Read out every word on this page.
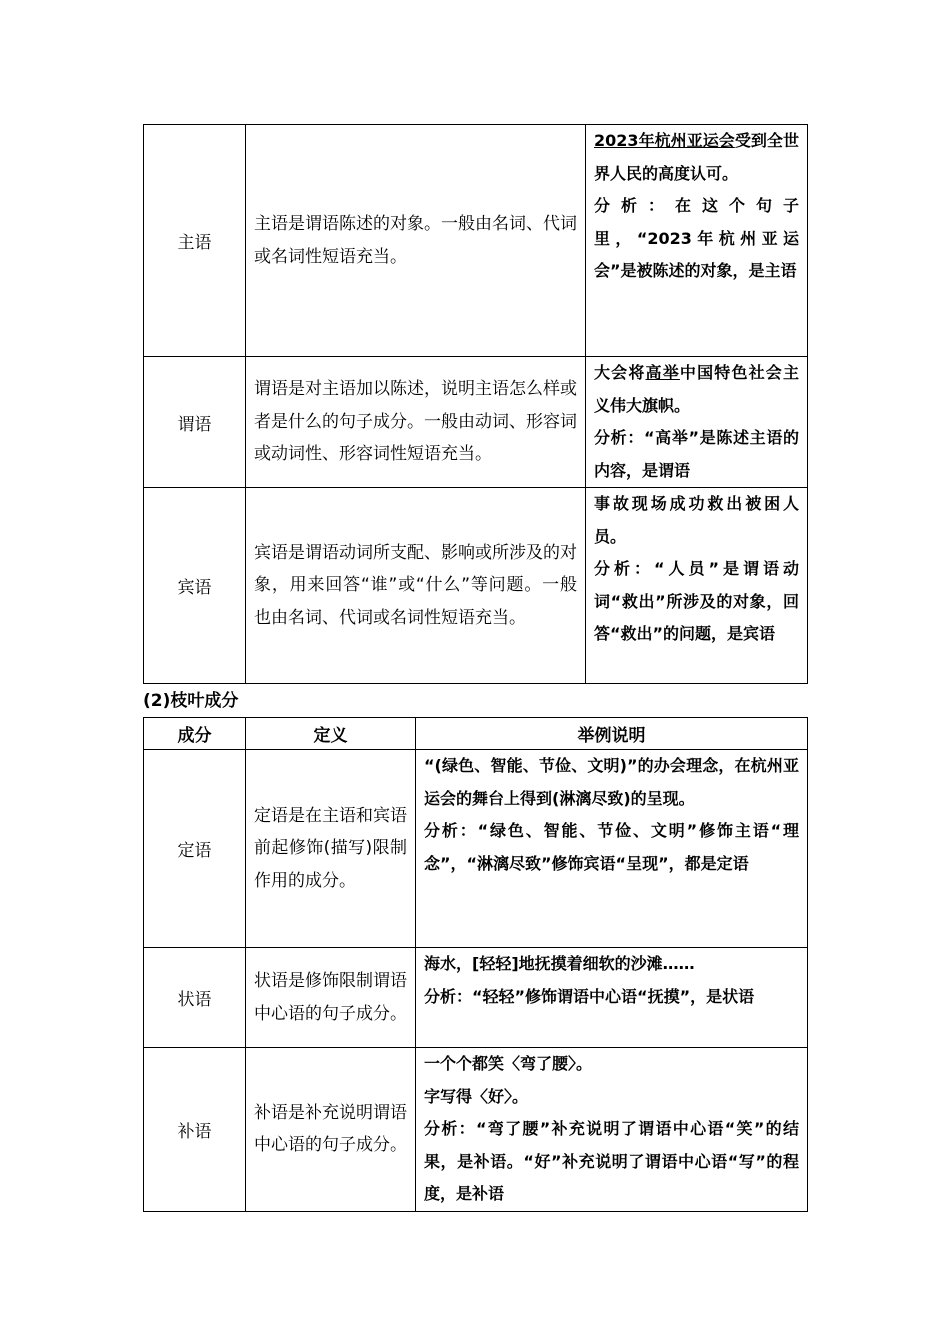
主语	主语是谓语陈述的对象。一般由名词、代词或名词性短语充当。	2023年杭州亚运会受到全世界人民的高度认可。
分析：在这个句子里，“2023年杭州亚运会”是被陈述的对象，是主语
谓语	谓语是对主语加以陈述，说明主语怎么样或者是什么的句子成分。一般由动词、形容词或动词性、形容词性短语充当。	大会将高举中国特色社会主义伟大旗帜。
分析：“高举”是陈述主语的内容，是谓语
宾语	宾语是谓语动词所支配、影响或所涉及的对象，用来回答“谁”或“什么”等问题。一般也由名词、代词或名词性短语充当。	事故现场成功救出被困人员。
分析：“人员”是谓语动词“救出”所涉及的对象，回答“救出”的问题，是宾语
(2)枝叶成分
成分	定义	举例说明
定语	定语是在主语和宾语前起修饰(描写)限制作用的成分。	“(绿色、智能、节俭、文明)”的办会理念，在杭州亚运会的舞台上得到(淋漓尽致)的呈现。
分析：“绿色、智能、节俭、文明”修饰主语“理念”，“淋漓尽致”修饰宾语“呈现”，都是定语
状语	状语是修饰限制谓语中心语的句子成分。	海水，[轻轻]地抚摸着细软的沙滩……
分析：“轻轻”修饰谓语中心语“抚摸”，是状语
补语	补语是补充说明谓语中心语的句子成分。	一个个都笑〈弯了腰〉。
字写得〈好〉。
分析：“弯了腰”补充说明了谓语中心语“笑”的结果，是补语。“好”补充说明了谓语中心语“写”的程度，是补语
